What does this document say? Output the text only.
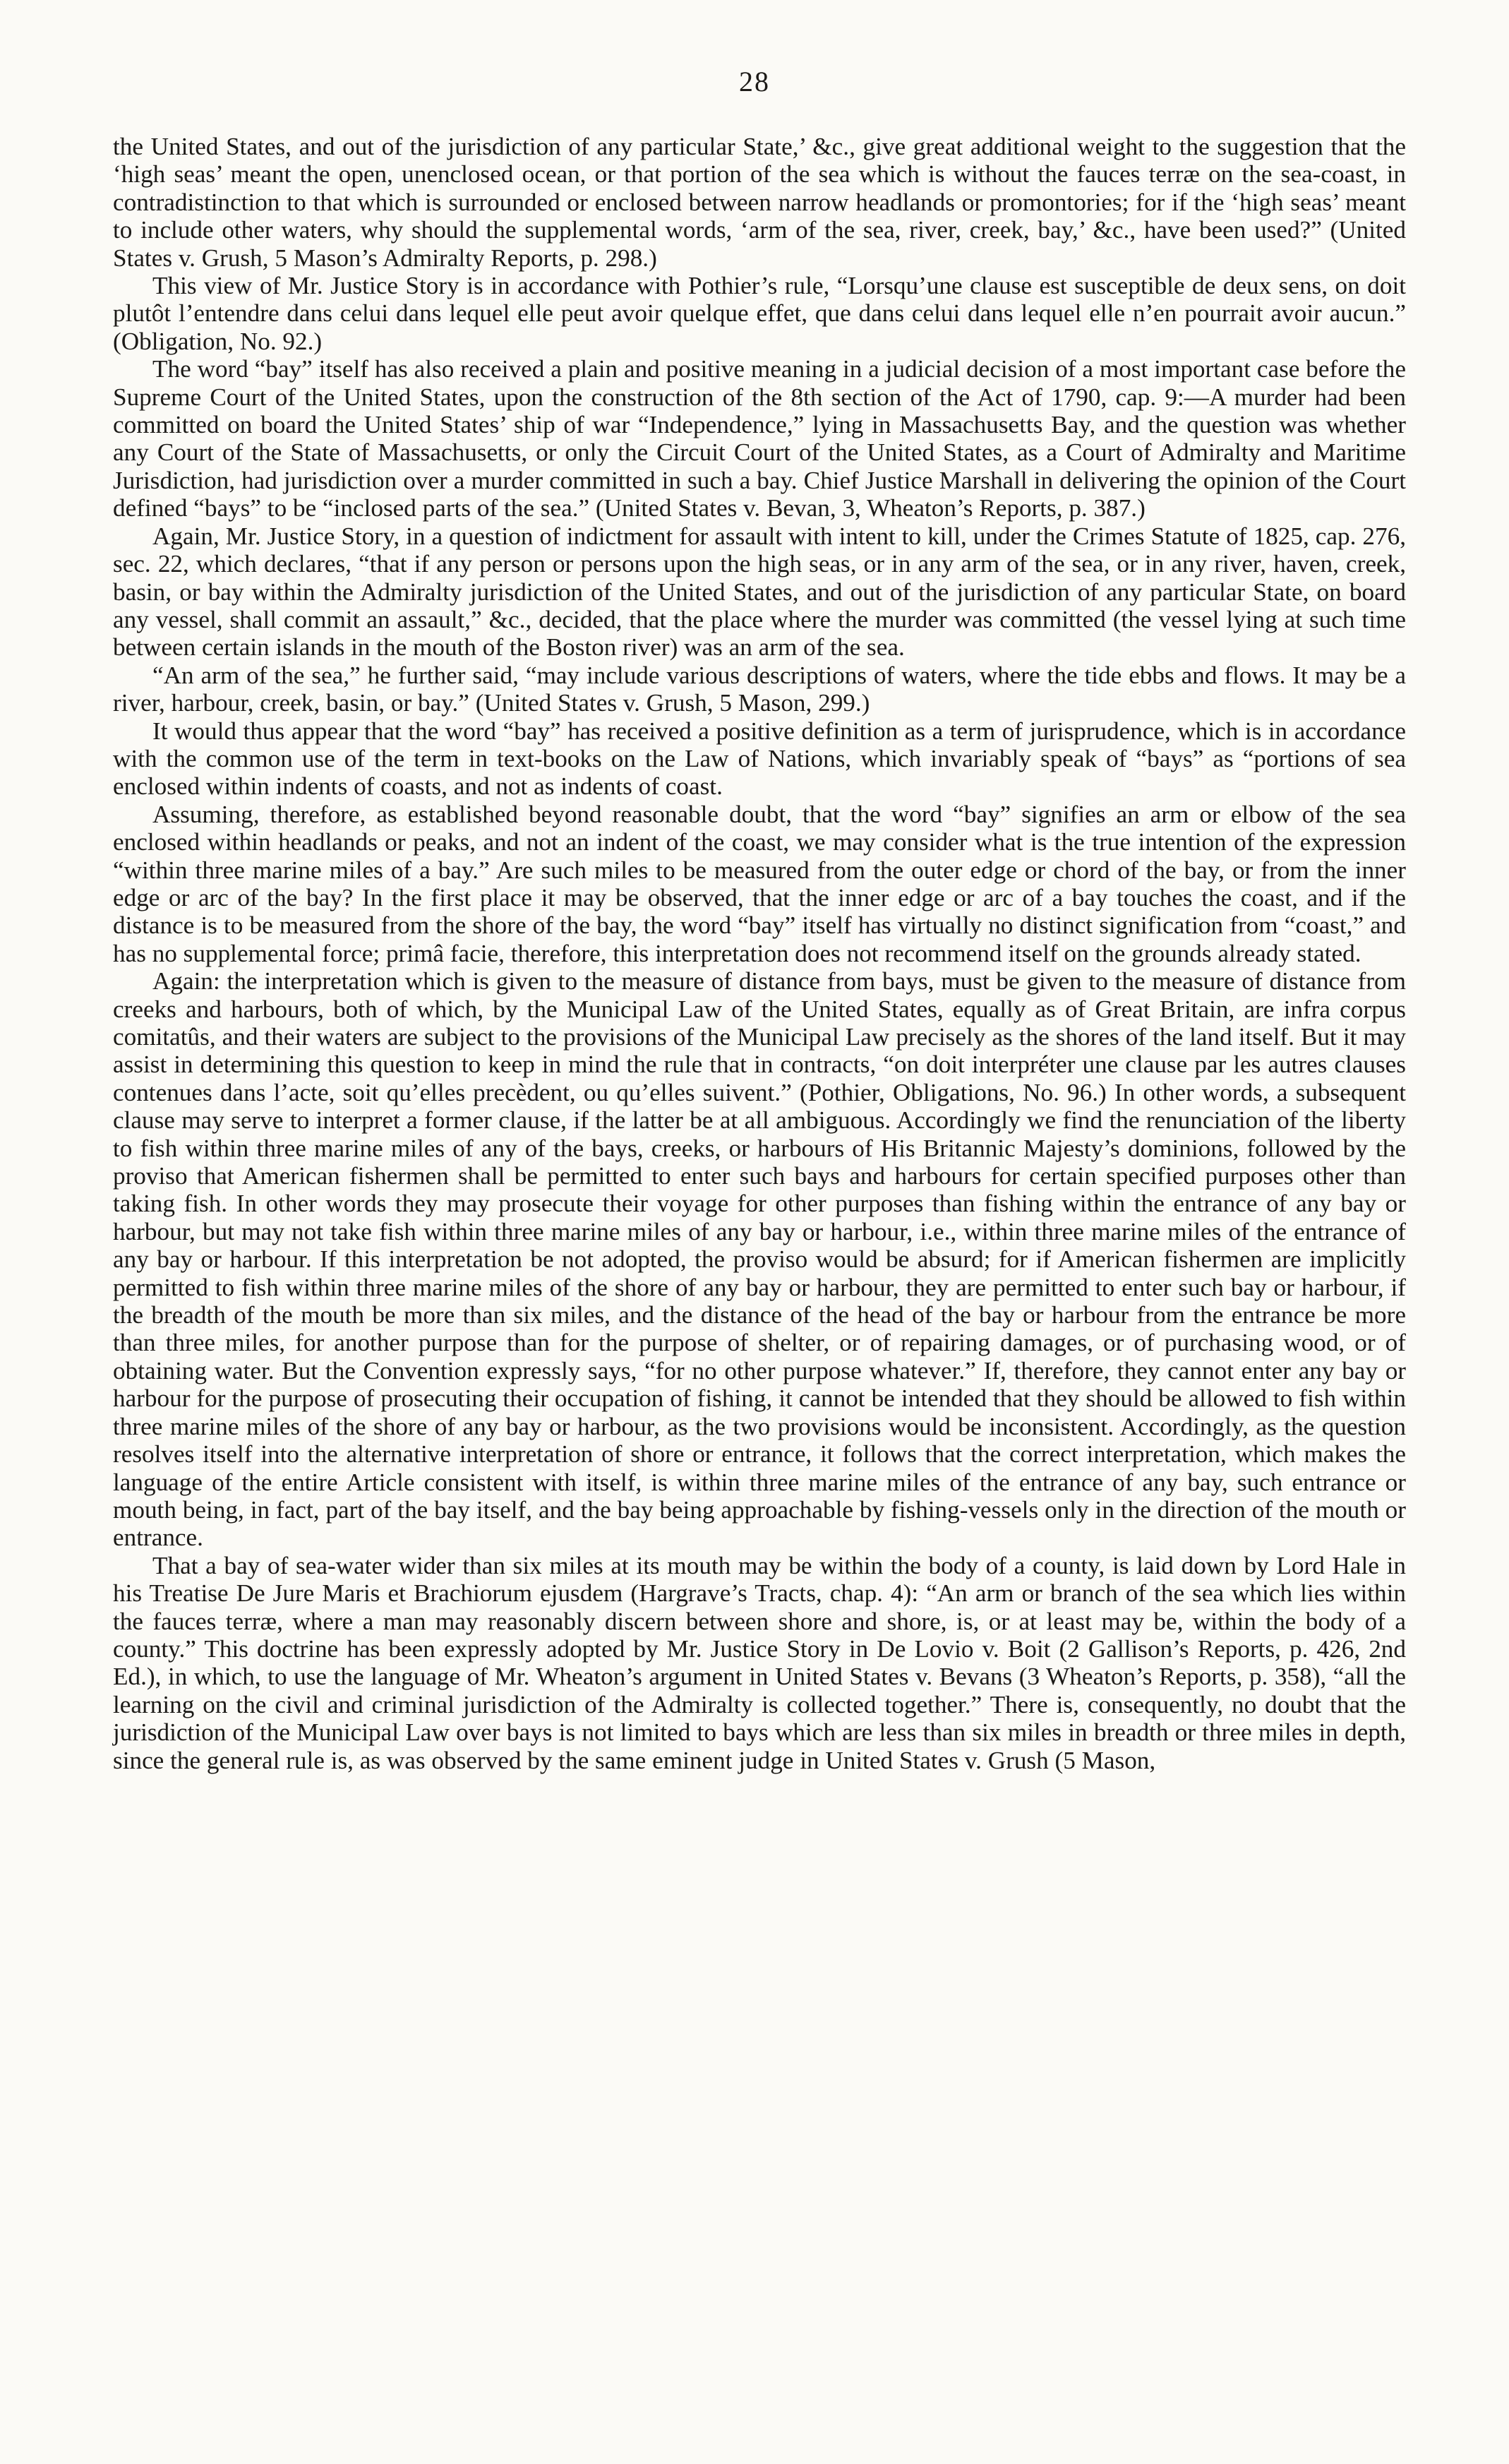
28

the United States, and out of the jurisdiction of any particular State,’ &c., give great additional weight to the suggestion that the ‘high seas’ meant the open, unenclosed ocean, or that portion of the sea which is without the fauces terræ on the sea-coast, in contradistinction to that which is surrounded or enclosed between narrow headlands or promontories; for if the ‘high seas’ meant to include other waters, why should the supplemental words, ‘arm of the sea, river, creek, bay,’ &c., have been used?” (United States v. Grush, 5 Mason’s Admiralty Reports, p. 298.)

This view of Mr. Justice Story is in accordance with Pothier’s rule, “Lorsqu’une clause est susceptible de deux sens, on doit plutôt l’entendre dans celui dans lequel elle peut avoir quelque effet, que dans celui dans lequel elle n’en pourrait avoir aucun.” (Obligation, No. 92.)

The word “bay” itself has also received a plain and positive meaning in a judicial decision of a most important case before the Supreme Court of the United States, upon the construction of the 8th section of the Act of 1790, cap. 9:—A murder had been committed on board the United States’ ship of war “Independence,” lying in Massachusetts Bay, and the question was whether any Court of the State of Massachusetts, or only the Circuit Court of the United States, as a Court of Admiralty and Maritime Jurisdiction, had jurisdiction over a murder committed in such a bay. Chief Justice Marshall in delivering the opinion of the Court defined “bays” to be “inclosed parts of the sea.” (United States v. Bevan, 3, Wheaton’s Reports, p. 387.)

Again, Mr. Justice Story, in a question of indictment for assault with intent to kill, under the Crimes Statute of 1825, cap. 276, sec. 22, which declares, “that if any person or persons upon the high seas, or in any arm of the sea, or in any river, haven, creek, basin, or bay within the Admiralty jurisdiction of the United States, and out of the jurisdiction of any particular State, on board any vessel, shall commit an assault,” &c., decided, that the place where the murder was committed (the vessel lying at such time between certain islands in the mouth of the Boston river) was an arm of the sea.

“An arm of the sea,” he further said, “may include various descriptions of waters, where the tide ebbs and flows. It may be a river, harbour, creek, basin, or bay.” (United States v. Grush, 5 Mason, 299.)

It would thus appear that the word “bay” has received a positive definition as a term of jurisprudence, which is in accordance with the common use of the term in text-books on the Law of Nations, which invariably speak of “bays” as “portions of sea enclosed within indents of coasts, and not as indents of coast.

Assuming, therefore, as established beyond reasonable doubt, that the word “bay” signifies an arm or elbow of the sea enclosed within headlands or peaks, and not an indent of the coast, we may consider what is the true intention of the expression “within three marine miles of a bay.” Are such miles to be measured from the outer edge or chord of the bay, or from the inner edge or arc of the bay? In the first place it may be observed, that the inner edge or arc of a bay touches the coast, and if the distance is to be measured from the shore of the bay, the word “bay” itself has virtually no distinct signification from “coast,” and has no supplemental force; primâ facie, therefore, this interpretation does not recommend itself on the grounds already stated.

Again: the interpretation which is given to the measure of distance from bays, must be given to the measure of distance from creeks and harbours, both of which, by the Municipal Law of the United States, equally as of Great Britain, are infra corpus comitatûs, and their waters are subject to the provisions of the Municipal Law precisely as the shores of the land itself. But it may assist in determining this question to keep in mind the rule that in contracts, “on doit interpréter une clause par les autres clauses contenues dans l’acte, soit qu’elles precèdent, ou qu’elles suivent.” (Pothier, Obligations, No. 96.) In other words, a subsequent clause may serve to interpret a former clause, if the latter be at all ambiguous. Accordingly we find the renunciation of the liberty to fish within three marine miles of any of the bays, creeks, or harbours of His Britannic Majesty’s dominions, followed by the proviso that American fishermen shall be permitted to enter such bays and harbours for certain specified purposes other than taking fish. In other words they may prosecute their voyage for other purposes than fishing within the entrance of any bay or harbour, but may not take fish within three marine miles of any bay or harbour, i.e., within three marine miles of the entrance of any bay or harbour. If this interpretation be not adopted, the proviso would be absurd; for if American fishermen are implicitly permitted to fish within three marine miles of the shore of any bay or harbour, they are permitted to enter such bay or harbour, if the breadth of the mouth be more than six miles, and the distance of the head of the bay or harbour from the entrance be more than three miles, for another purpose than for the purpose of shelter, or of repairing damages, or of purchasing wood, or of obtaining water. But the Convention expressly says, “for no other purpose whatever.” If, therefore, they cannot enter any bay or harbour for the purpose of prosecuting their occupation of fishing, it cannot be intended that they should be allowed to fish within three marine miles of the shore of any bay or harbour, as the two provisions would be inconsistent. Accordingly, as the question resolves itself into the alternative interpretation of shore or entrance, it follows that the correct interpretation, which makes the language of the entire Article consistent with itself, is within three marine miles of the entrance of any bay, such entrance or mouth being, in fact, part of the bay itself, and the bay being approachable by fishing-vessels only in the direction of the mouth or entrance.

That a bay of sea-water wider than six miles at its mouth may be within the body of a county, is laid down by Lord Hale in his Treatise De Jure Maris et Brachiorum ejusdem (Hargrave’s Tracts, chap. 4): “An arm or branch of the sea which lies within the fauces terræ, where a man may reasonably discern between shore and shore, is, or at least may be, within the body of a county.” This doctrine has been expressly adopted by Mr. Justice Story in De Lovio v. Boit (2 Gallison’s Reports, p. 426, 2nd Ed.), in which, to use the language of Mr. Wheaton’s argument in United States v. Bevans (3 Wheaton’s Reports, p. 358), “all the learning on the civil and criminal jurisdiction of the Admiralty is collected together.” There is, consequently, no doubt that the jurisdiction of the Municipal Law over bays is not limited to bays which are less than six miles in breadth or three miles in depth, since the general rule is, as was observed by the same eminent judge in United States v. Grush (5 Mason,
